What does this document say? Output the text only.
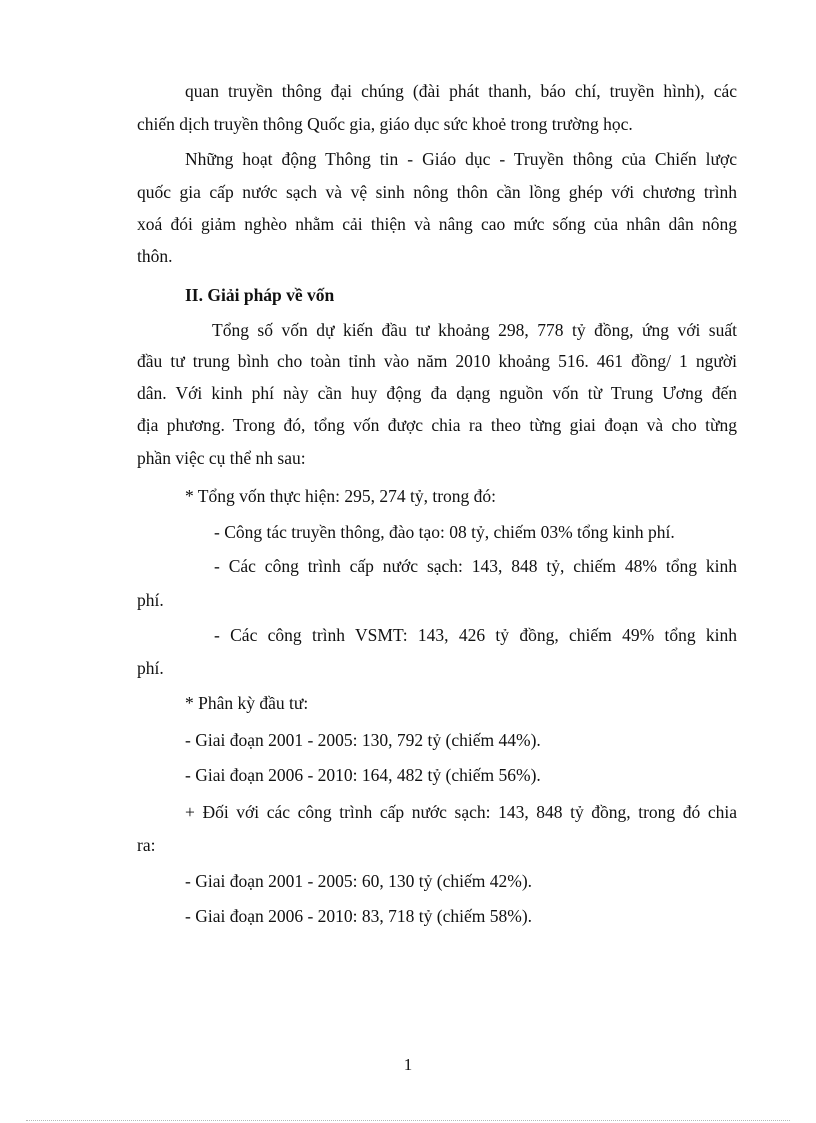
quan truyền thông đại chúng (đài phát thanh, báo chí, truyền hình), các
chiến dịch truyền thông Quốc gia, giáo dục sức khoẻ trong trường học.
Những hoạt động Thông tin - Giáo dục - Truyền thông của Chiến lược
quốc gia cấp nước sạch và vệ sinh nông thôn cần lồng ghép với chương trình
xoá đói giảm nghèo nhằm cải thiện và nâng cao mức sống của nhân dân nông
thôn.
II. Giải pháp về vốn
Tổng số vốn dự kiến đầu tư khoảng 298, 778 tỷ đồng, ứng với suất
đầu tư trung bình cho toàn tỉnh vào năm 2010 khoảng 516. 461 đồng/ 1 người
dân. Với kinh phí này cần huy động đa dạng nguồn vốn từ Trung Ương đến
địa phương. Trong đó, tổng vốn được chia ra theo từng giai đoạn và cho từng
phần việc cụ thể nh sau:
* Tổng vốn thực hiện: 295, 274 tỷ, trong đó:
- Công tác truyền thông, đào tạo: 08 tỷ, chiếm 03% tổng kinh phí.
- Các công trình cấp nước sạch: 143, 848 tỷ, chiếm 48% tổng kinh
phí.
- Các công trình VSMT: 143, 426 tỷ đồng, chiếm 49% tổng kinh
phí.
* Phân kỳ đầu tư:
- Giai đoạn 2001 - 2005: 130, 792 tỷ (chiếm 44%).
- Giai đoạn 2006 - 2010: 164, 482 tỷ (chiếm 56%).
+ Đối với các công trình cấp nước sạch: 143, 848 tỷ đồng, trong đó chia
ra:
- Giai đoạn 2001 - 2005: 60, 130 tỷ (chiếm 42%).
- Giai đoạn 2006 - 2010: 83, 718 tỷ (chiếm 58%).
1
